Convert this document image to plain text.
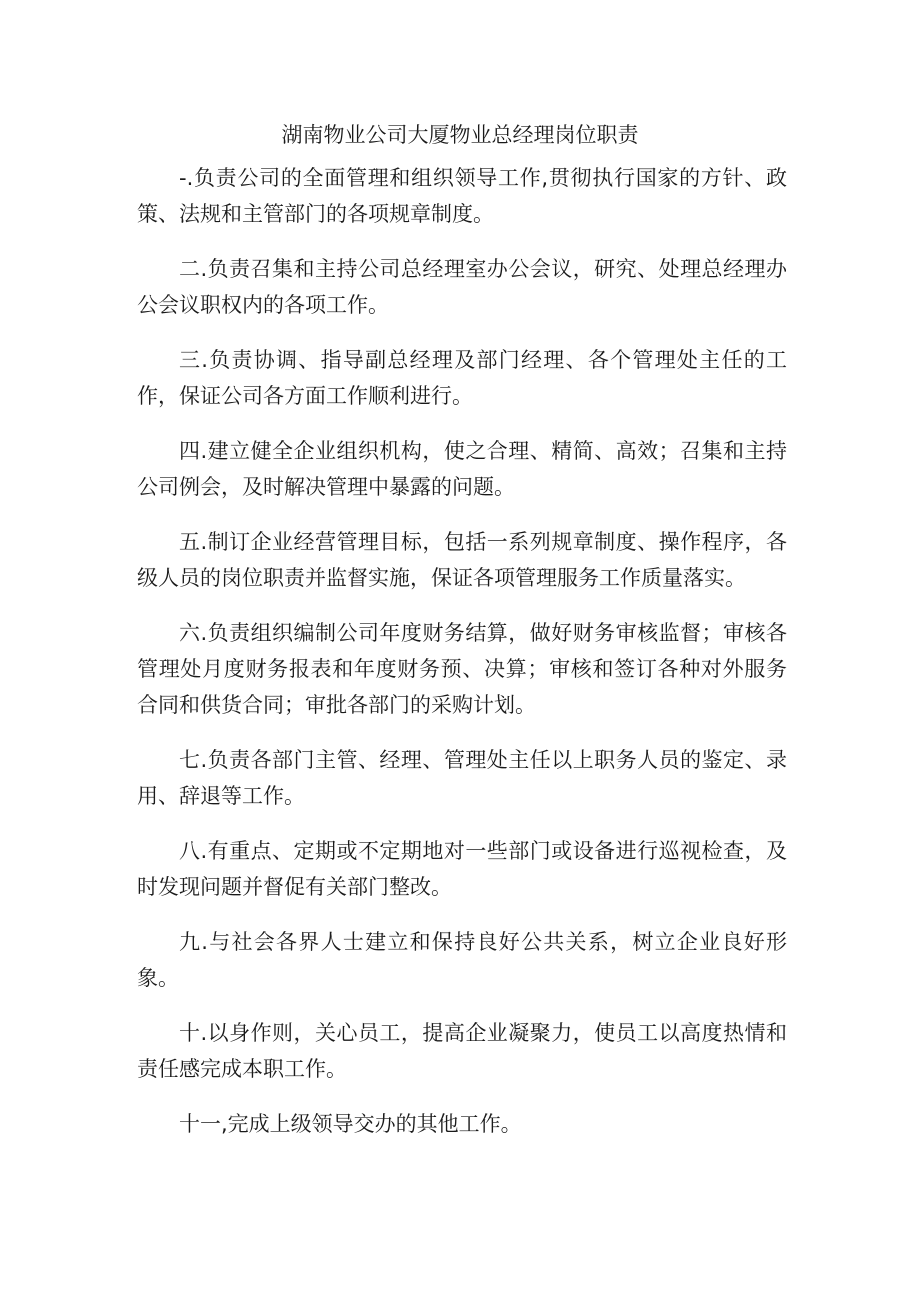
湖南物业公司大厦物业总经理岗位职责

-.负责公司的全面管理和组织领导工作,贯彻执行国家的方针、政策、法规和主管部门的各项规章制度。

二.负责召集和主持公司总经理室办公会议，研究、处理总经理办公会议职权内的各项工作。

三.负责协调、指导副总经理及部门经理、各个管理处主任的工作，保证公司各方面工作顺利进行。

四.建立健全企业组织机构，使之合理、精简、高效；召集和主持公司例会，及时解决管理中暴露的问题。

五.制订企业经营管理目标，包括一系列规章制度、操作程序，各级人员的岗位职责并监督实施，保证各项管理服务工作质量落实。

六.负责组织编制公司年度财务结算，做好财务审核监督；审核各管理处月度财务报表和年度财务预、决算；审核和签订各种对外服务合同和供货合同；审批各部门的采购计划。

七.负责各部门主管、经理、管理处主任以上职务人员的鉴定、录用、辞退等工作。

八.有重点、定期或不定期地对一些部门或设备进行巡视检查，及时发现问题并督促有关部门整改。

九.与社会各界人士建立和保持良好公共关系，树立企业良好形象。

十.以身作则，关心员工，提高企业凝聚力，使员工以高度热情和责任感完成本职工作。

十一,完成上级领导交办的其他工作。
